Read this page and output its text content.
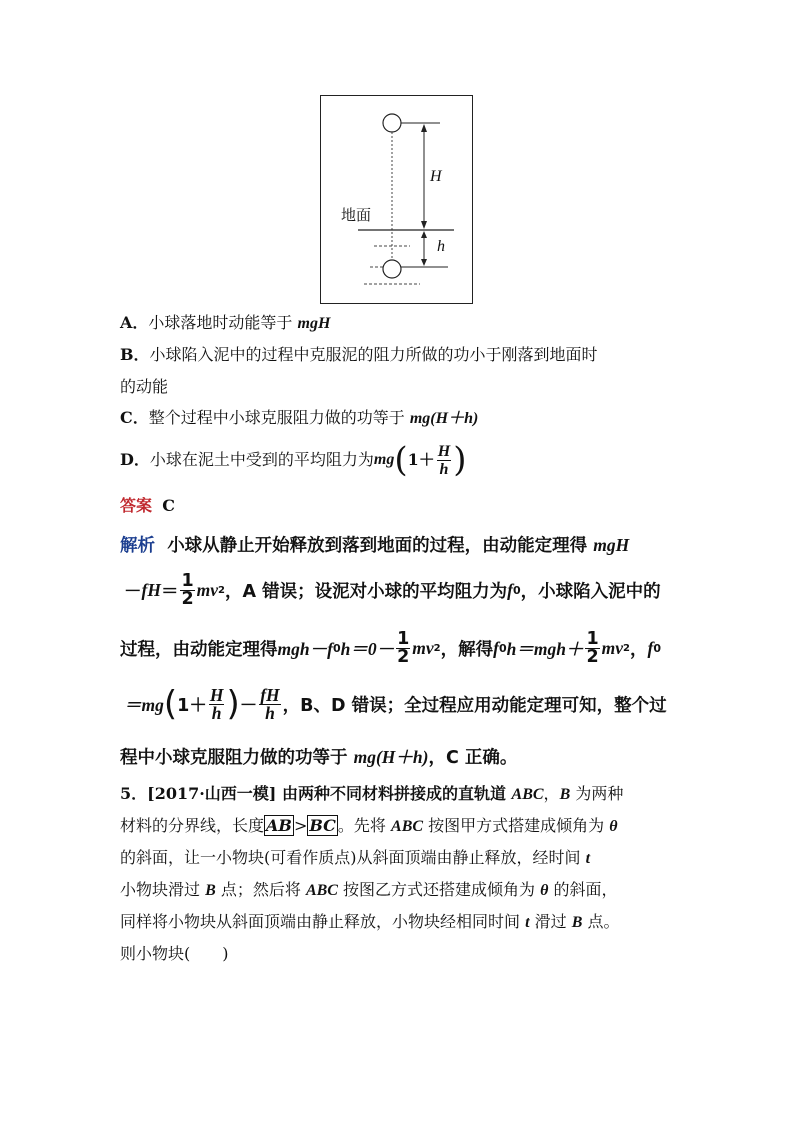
H
h
地面
A．小球落地时动能等于 mgH
B．小球陷入泥中的过程中克服泥的阻力所做的功小于刚落到地面时
的动能
C．整个过程中小球克服阻力做的功等于 mg(H＋h)
D． 小球在泥土中受到的平均阻力为 mg ( $1+ \frac{H}{h}$ )
答案 C
解析 小球从静止开始释放到落到地面的过程，由动能定理得 mgH
－ fH ＝ $\frac{1}{2}$ mv 2 ，A 错误；设泥对小球的平均阻力为 f 0 ，小球陷入泥中的
过程，由动能定理得 mgh－f 0 $h=0- \frac{1}{2}$ mv 2 ，解得 f 0 $h=mgh+ \frac{1}{2}$ mv 2 ， f 0
＝mg ( $1+ \frac{H}{h}$ ) － $\frac{fH}{h}$ ，B、D 错误；全过程应用动能定理可知，整个过
程中小球克服阻力做的功等于 mg(H＋h)，C 正确。
5．[2017·山西一模] 由两种不同材料拼接成的直轨道 ABC，B 为两种
材料的分界线，长度 AB > BC 。先将 ABC 按图甲方式搭建成倾角为 θ
的斜面，让一小物块(可看作质点)从斜面顶端由静止释放，经时间 t
小物块滑过 B 点；然后将 ABC 按图乙方式还搭建成倾角为 θ 的斜面，
同样将小物块从斜面顶端由静止释放，小物块经相同时间 t 滑过 B 点。
则小物块(　　)
